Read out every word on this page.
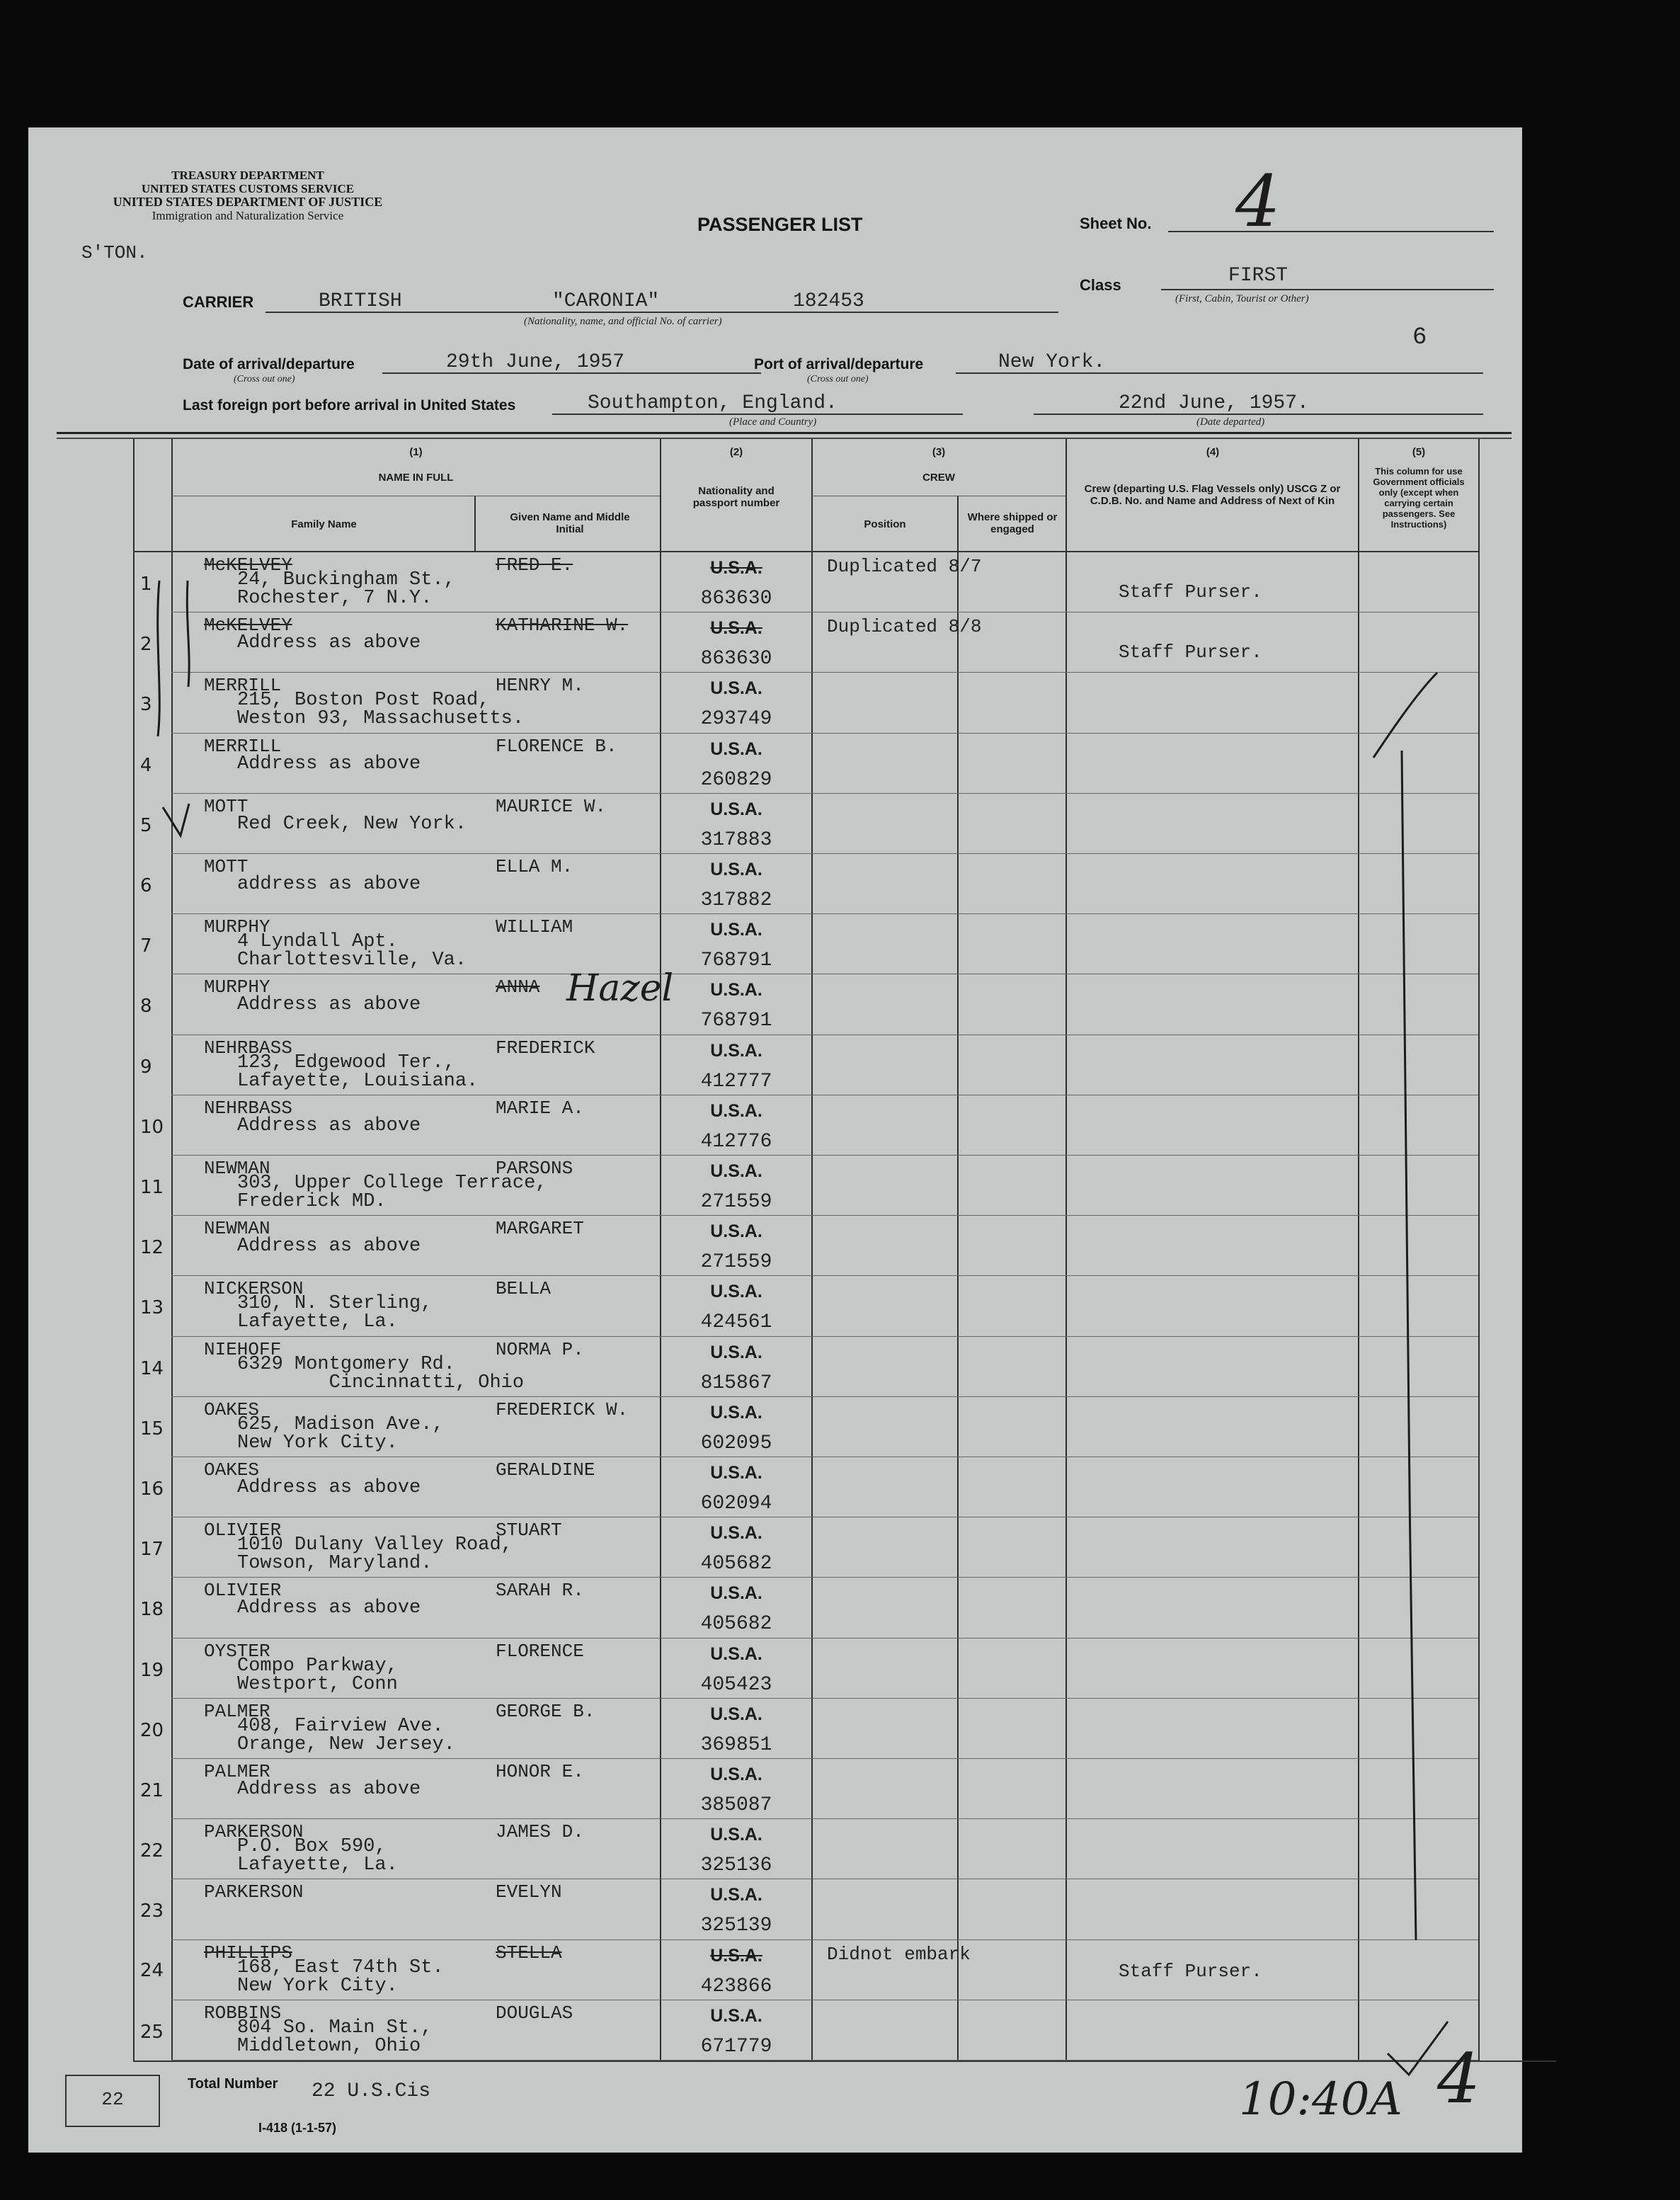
TREASURY DEPARTMENT
UNITED STATES CUSTOMS SERVICE
UNITED STATES DEPARTMENT OF JUSTICE
Immigration and Naturalization Service
S'TON.
PASSENGER LIST	Sheet No. 4
Class	FIRST
(First, Cabin, Tourist or Other)
6
CARRIER	BRITISH	"CARONIA"	182453
(Nationality, name, and official No. of carrier)
Date of arrival/departure
(Cross out one)
29th June, 1957	Port of arrival/departure
(Cross out one)
New York.
Last foreign port before arrival in United States	Southampton, England.
(Place and Country)
22nd June, 1957.
(Date departed)
(1)
NAME IN FULL
Family Name
Given Name and Middle Initial
(2)
Nationality and passport number
(3)
CREW
Position
Where shipped or engaged
(4)
Crew (departing U.S. Flag Vessels only) USCG Z or C.D.B. No. and Name and Address of Next of Kin
(5)
This column for use Government officials only (except when carrying certain passengers. See Instructions)
1
McKELVEY
24, Buckingham St.,
Rochester, 7 N.Y.
FRED E.	U.S.A.
863630
Duplicated 8/7
Staff Purser.
2
McKELVEY
Address as above
KATHARINE W.	U.S.A.
863630
Duplicated 8/8
Staff Purser.
3
MERRILL
215, Boston Post Road,
Weston 93, Massachusetts.
HENRY M.	U.S.A.
293749
4
MERRILL
Address as above
FLORENCE B.	U.S.A.
260829
5
MOTT
Red Creek, New York.
MAURICE W.	U.S.A.
317883
6
MOTT
address as above
ELLA M.	U.S.A.
317882
7
MURPHY
4 Lyndall Apt.
Charlottesville, Va.
WILLIAM	U.S.A.
768791
8
MURPHY
Address as above
ANNA Hazel	U.S.A.
768791
9
NEHRBASS
123, Edgewood Ter.,
Lafayette, Louisiana.
FREDERICK	U.S.A.
412777
10
NEHRBASS
Address as above
MARIE A.	U.S.A.
412776
11
NEWMAN
303, Upper College Terrace,
Frederick MD.
PARSONS	U.S.A.
271559
12
NEWMAN
Address as above
MARGARET	U.S.A.
271559
13
NICKERSON
310, N. Sterling,
Lafayette, La.
BELLA	U.S.A.
424561
14
NIEHOFF
6329 Montgomery Rd.
Cincinnatti, Ohio
NORMA P.	U.S.A.
815867
15
OAKES
625, Madison Ave.,
New York City.
FREDERICK W.	U.S.A.
602095
16
OAKES
Address as above
GERALDINE	U.S.A.
602094
17
OLIVIER
1010 Dulany Valley Road,
Towson, Maryland.
STUART	U.S.A.
405682
18
OLIVIER
Address as above
SARAH R.	U.S.A.
405682
19
OYSTER
Compo Parkway,
Westport, Conn
FLORENCE	U.S.A.
405423
20
PALMER
408, Fairview Ave.
Orange, New Jersey.
GEORGE B.	U.S.A.
369851
21
PALMER
Address as above
HONOR E.	U.S.A.
385087
22
PARKERSON
P.O. Box 590,
Lafayette, La.
JAMES D.	U.S.A.
325136
23
PARKERSON	EVELYN	U.S.A.
325139
24
PHILLIPS
168, East 74th St.
New York City.
STELLA	U.S.A.
423866
Didnot embark
Staff Purser.
25
ROBBINS
804 So. Main St.,
Middletown, Ohio
DOUGLAS	U.S.A.
671779
22
Total Number 22 U.S.Cis
I-418 (1-1-57)
10:40A 4
